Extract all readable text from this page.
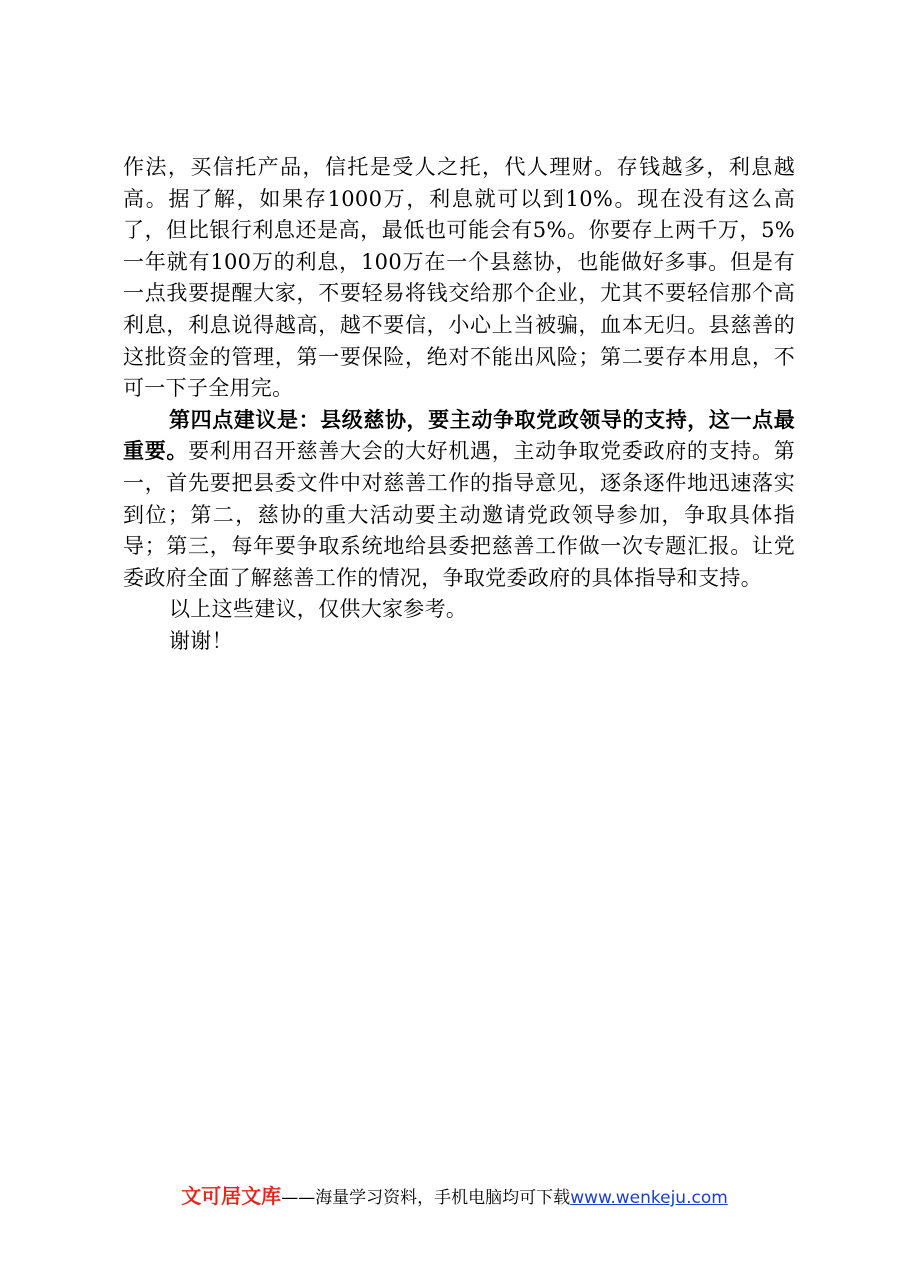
作法，买信托产品，信托是受人之托，代人理财。存钱越多，利息越高。据了解，如果存1000万，利息就可以到10%。现在没有这么高了，但比银行利息还是高，最低也可能会有5%。你要存上两千万，5%一年就有100万的利息，100万在一个县慈协，也能做好多事。但是有一点我要提醒大家，不要轻易将钱交给那个企业，尤其不要轻信那个高利息，利息说得越高，越不要信，小心上当被骗，血本无归。县慈善的这批资金的管理，第一要保险，绝对不能出风险；第二要存本用息，不可一下子全用完。

第四点建议是：县级慈协，要主动争取党政领导的支持，这一点最重要。要利用召开慈善大会的大好机遇，主动争取党委政府的支持。第一，首先要把县委文件中对慈善工作的指导意见，逐条逐件地迅速落实到位；第二，慈协的重大活动要主动邀请党政领导参加，争取具体指导；第三，每年要争取系统地给县委把慈善工作做一次专题汇报。让党委政府全面了解慈善工作的情况，争取党委政府的具体指导和支持。

以上这些建议，仅供大家参考。

谢谢！

文可居文库——海量学习资料，手机电脑均可下载www.wenkeju.com
